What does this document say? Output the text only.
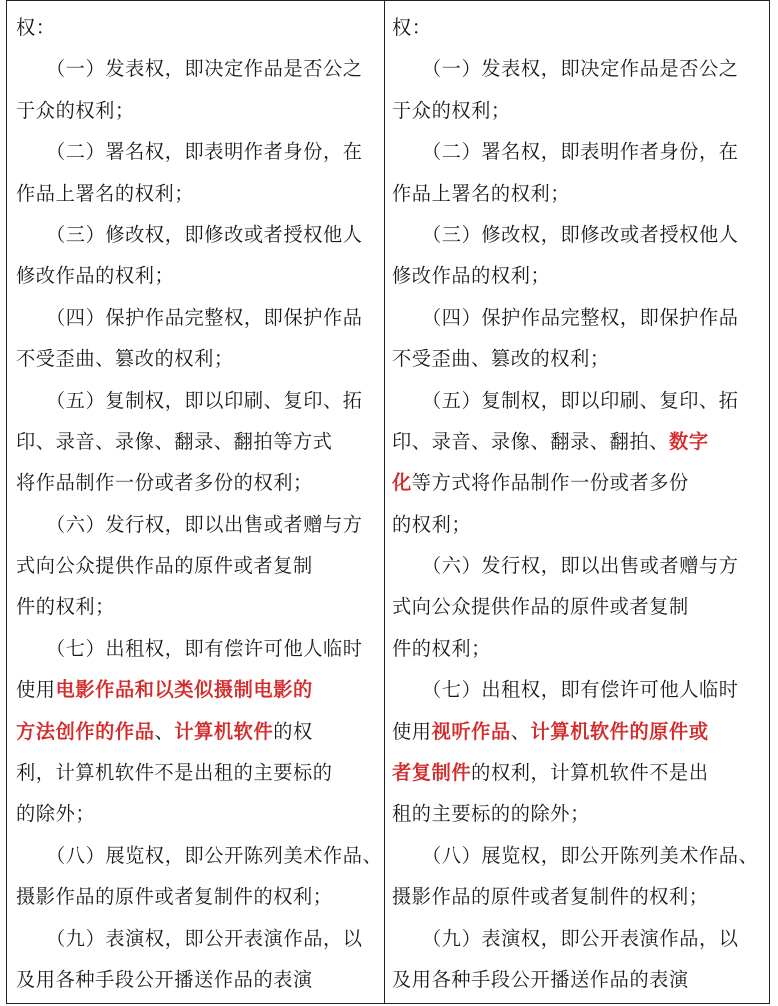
权：
（一）发表权，即决定作品是否公之
于众的权利；
（二）署名权，即表明作者身份，在
作品上署名的权利；
（三）修改权，即修改或者授权他人
修改作品的权利；
（四）保护作品完整权，即保护作品
不受歪曲、篡改的权利；
（五）复制权，即以印刷、复印、拓
印、录音、录像、翻录、翻拍等方式
将作品制作一份或者多份的权利；
（六）发行权，即以出售或者赠与方
式向公众提供作品的原件或者复制
件的权利；
（七）出租权，即有偿许可他人临时
使用电影作品和以类似摄制电影的
方法创作的作品、计算机软件的权
利，计算机软件不是出租的主要标的
的除外；
（八）展览权，即公开陈列美术作品、
摄影作品的原件或者复制件的权利；
（九）表演权，即公开表演作品，以
及用各种手段公开播送作品的表演
权：
（一）发表权，即决定作品是否公之
于众的权利；
（二）署名权，即表明作者身份，在
作品上署名的权利；
（三）修改权，即修改或者授权他人
修改作品的权利；
（四）保护作品完整权，即保护作品
不受歪曲、篡改的权利；
（五）复制权，即以印刷、复印、拓
印、录音、录像、翻录、翻拍、数字
化等方式将作品制作一份或者多份
的权利；
（六）发行权，即以出售或者赠与方
式向公众提供作品的原件或者复制
件的权利；
（七）出租权，即有偿许可他人临时
使用视听作品、计算机软件的原件或
者复制件的权利，计算机软件不是出
租的主要标的的除外；
（八）展览权，即公开陈列美术作品、
摄影作品的原件或者复制件的权利；
（九）表演权，即公开表演作品，以
及用各种手段公开播送作品的表演
